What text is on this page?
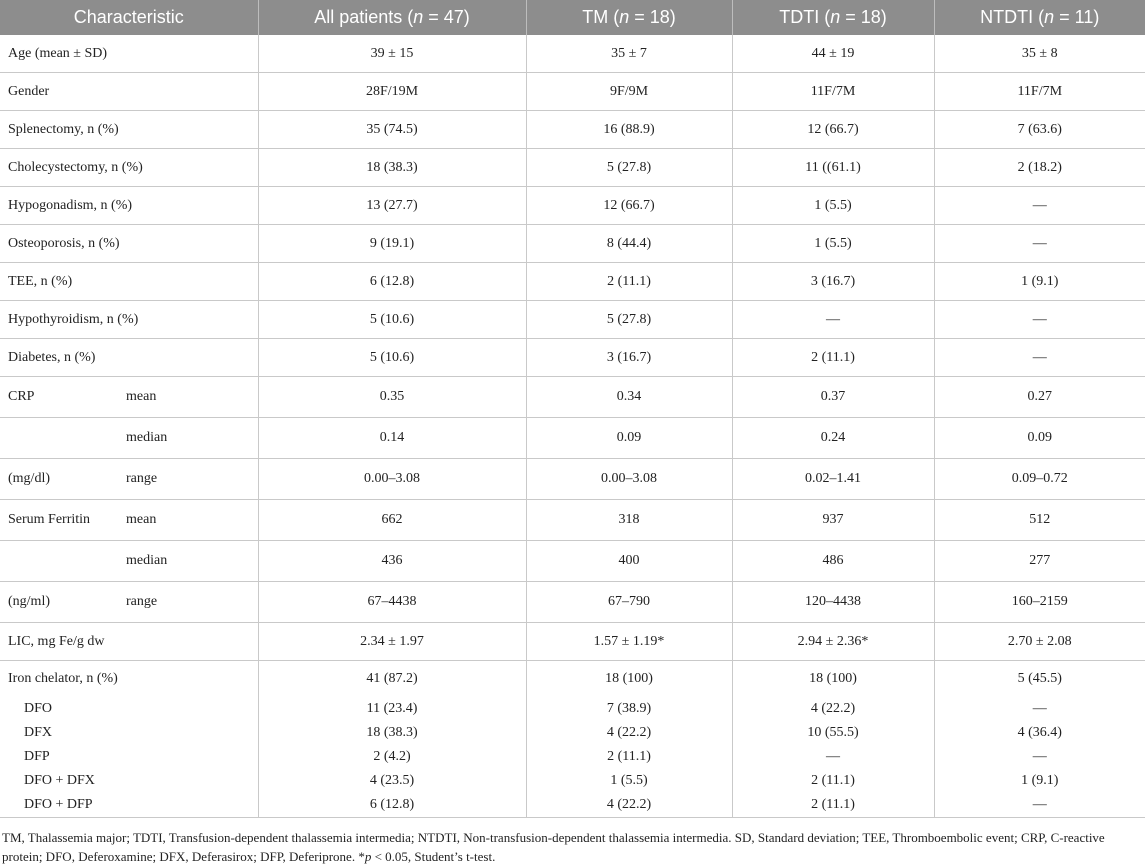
Characteristic	All patients (n = 47)	TM (n = 18)	TDTI (n = 18)	NTDTI (n = 11)
Age (mean ± SD)	39 ± 15	35 ± 7	44 ± 19	35 ± 8
Gender	28F/19M	9F/9M	11F/7M	11F/7M
Splenectomy, n (%)	35 (74.5)	16 (88.9)	12 (66.7)	7 (63.6)
Cholecystectomy, n (%)	18 (38.3)	5 (27.8)	11 ((61.1)	2 (18.2)
Hypogonadism, n (%)	13 (27.7)	12 (66.7)	1 (5.5)	—
Osteoporosis, n (%)	9 (19.1)	8 (44.4)	1 (5.5)	—
TEE, n (%)	6 (12.8)	2 (11.1)	3 (16.7)	1 (9.1)
Hypothyroidism, n (%)	5 (10.6)	5 (27.8)	—	—
Diabetes, n (%)	5 (10.6)	3 (16.7)	2 (11.1)	—
CRP mean	0.35	0.34	0.37	0.27
median	0.14	0.09	0.24	0.09
(mg/dl) range	0.00–3.08	0.00–3.08	0.02–1.41	0.09–0.72
Serum Ferritin mean	662	318	937	512
median	436	400	486	277
(ng/ml) range	67–4438	67–790	120–4438	160–2159
LIC, mg Fe/g dw	2.34 ± 1.97	1.57 ± 1.19*	2.94 ± 2.36*	2.70 ± 2.08
Iron chelator, n (%)	41 (87.2)	18 (100)	18 (100)	5 (45.5)
DFO	11 (23.4)	7 (38.9)	4 (22.2)	—
DFX	18 (38.3)	4 (22.2)	10 (55.5)	4 (36.4)
DFP	2 (4.2)	2 (11.1)	—	—
DFO + DFX	4 (23.5)	1 (5.5)	2 (11.1)	1 (9.1)
DFO + DFP	6 (12.8)	4 (22.2)	2 (11.1)	—
TM, Thalassemia major; TDTI, Transfusion-dependent thalassemia intermedia; NTDTI, Non-transfusion-dependent thalassemia intermedia. SD, Standard deviation; TEE, Thromboembolic event; CRP, C-reactive protein; DFO, Deferoxamine; DFX, Deferasirox; DFP, Deferiprone. *p < 0.05, Student’s t-test.
